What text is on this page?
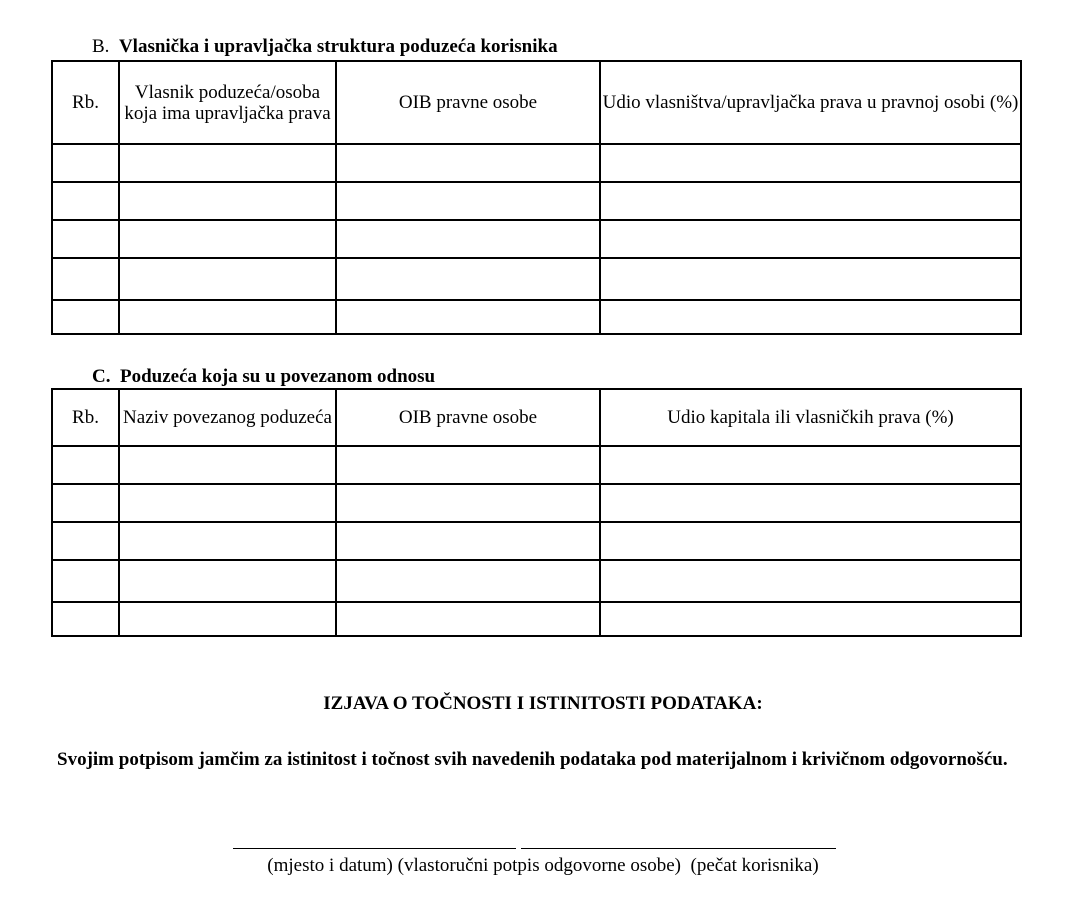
B. Vlasnička i upravljačka struktura poduzeća korisnika
Rb.	Vlasnik poduzeća/osoba koja ima upravljačka prava	OIB pravne osobe	Udio vlasništva/upravljačka prava u pravnoj osobi (%)

C. Poduzeća koja su u povezanom odnosu
Rb.	Naziv povezanog poduzeća	OIB pravne osobe	Udio kapitala ili vlasničkih prava (%)

IZJAVA O TOČNOSTI I ISTINITOSTI PODATAKA:
Svojim potpisom jamčim za istinitost i točnost svih navedenih podataka pod materijalnom i krivičnom odgovornošću.
(mjesto i datum) (vlastoručni potpis odgovorne osobe)  (pečat korisnika)
